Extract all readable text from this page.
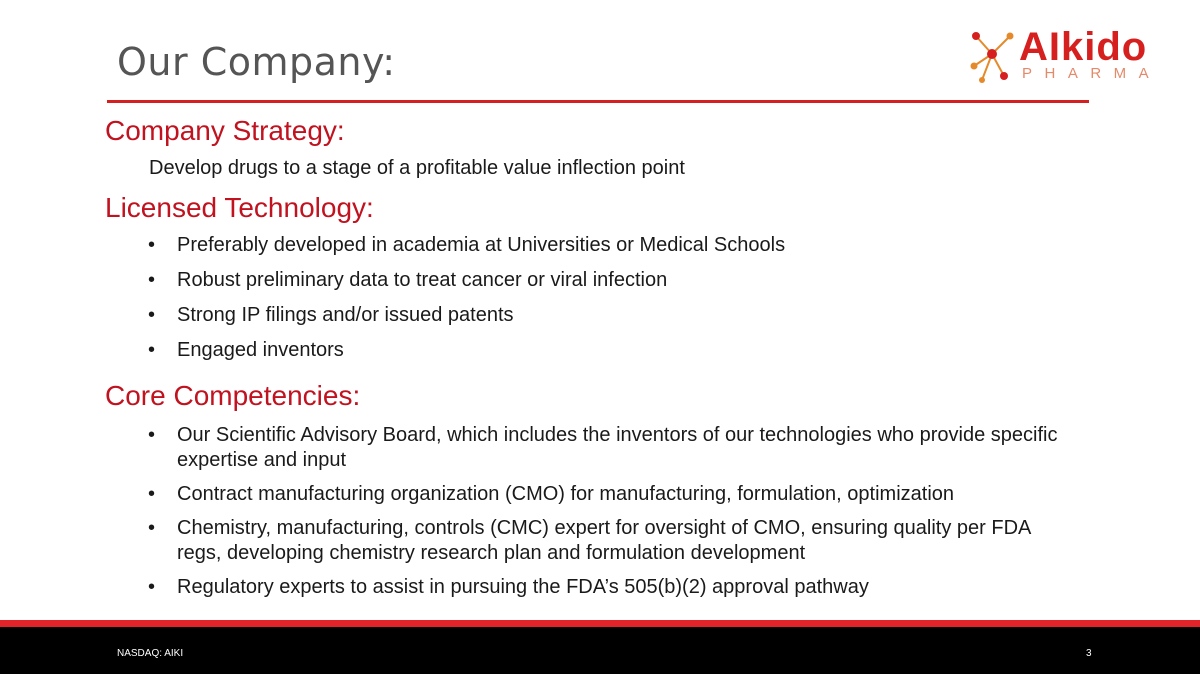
Our Company:	AIkido
PHARMA
Company Strategy:

Develop drugs to a stage of a profitable value inflection point

Licensed Technology:
•	Preferably developed in academia at Universities or Medical Schools
•	Robust preliminary data to treat cancer or viral infection
•	Strong IP filings and/or issued patents
•	Engaged inventors
Core Competencies:
•	Our Scientific Advisory Board, which includes the inventors of our technologies who provide specific expertise and input
•	Contract manufacturing organization (CMO) for manufacturing, formulation, optimization
•	Chemistry, manufacturing, controls (CMC) expert for oversight of CMO, ensuring quality per FDA regs, developing chemistry research plan and formulation development
•	Regulatory experts to assist in pursuing the FDA’s 505(b)(2) approval pathway
NASDAQ: AIKI	3
